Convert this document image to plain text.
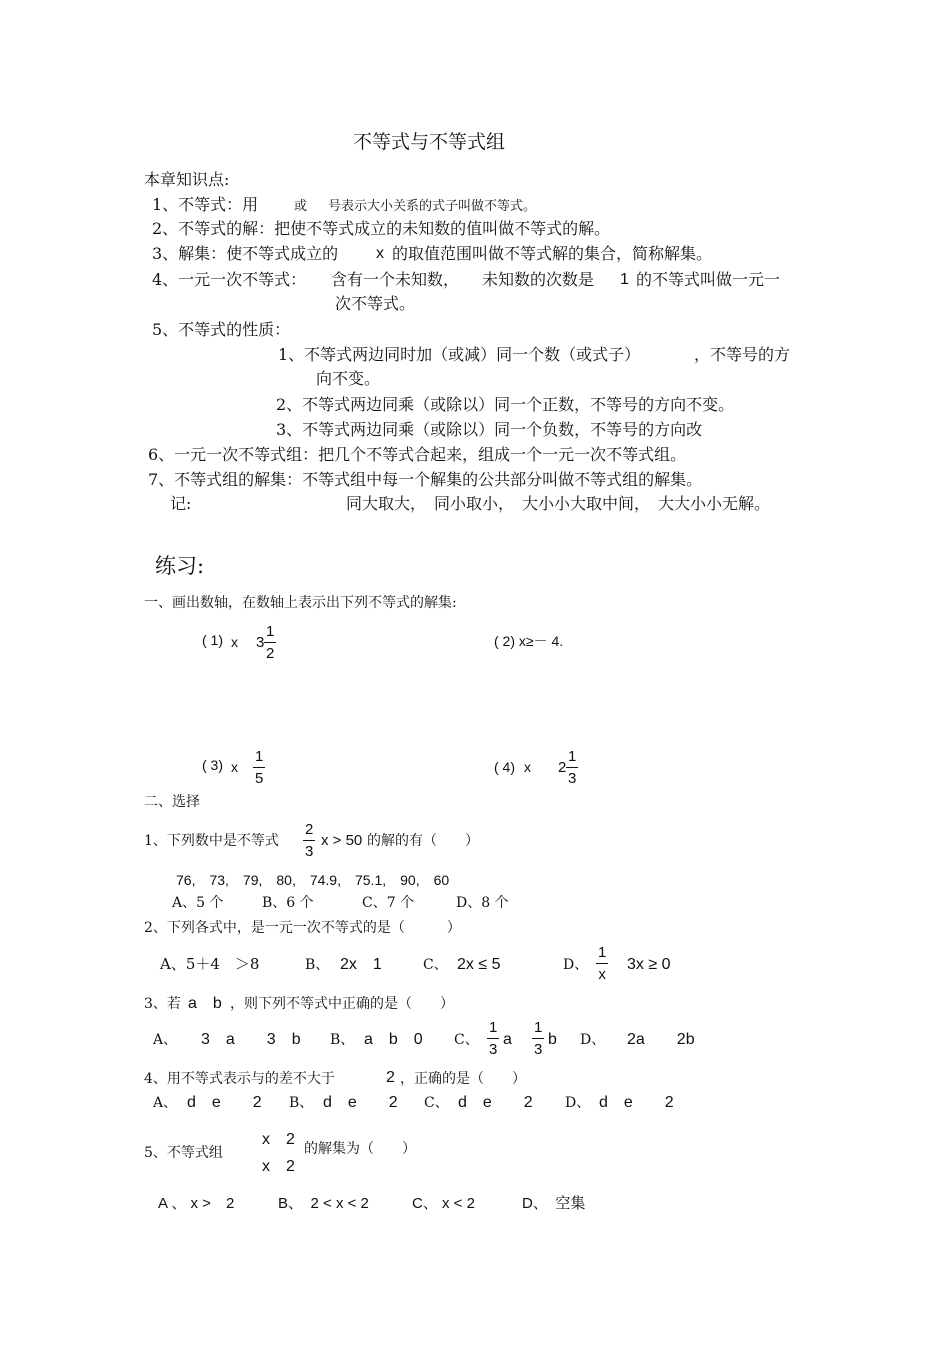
不等式与不等式组
本章知识点:
1、不等式：用	或 号表示大小关系的式子叫做不等式。
2、不等式的解：把使不等式成立的未知数的值叫做不等式的解。
3、解集：使不等式成立的 x 的取值范围叫做不等式解的集合，简称解集。
4、一元一次不等式： 含有一个未知数， 未知数的次数是 1 的不等式叫做一元一
次不等式。
5、不等式的性质：
1、不等式两边同时加（或减）同一个数（或式子）	，不等号的方
向不变。
2、不等式两边同乘（或除以）同一个正数，不等号的方向不变。
3、不等式两边同乘（或除以）同一个负数，不等号的方向改
6、一元一次不等式组：把几个不等式合起来，组成一个一元一次不等式组。
7、不等式组的解集：不等式组中每一个解集的公共部分叫做不等式组的解集。
记:	同大取大，　同小取小，　大小小大取中间，　大大小小无解。
练习:
一、画出数轴，在数轴上表示出下列不等式的解集:
( 1) x $3 \frac{1}{2}$	( 2) x≥－ 4.
( 3) x $\frac{1}{5}$	( 4) x $2 \frac{1}{3}$
二、选择
1、下列数中是不等式 $\frac{2}{3}$ x > 50 的解的有（　　）
76,　73,　79,　80,　74.9,　75.1,　90,　60
A、5 个	B、6 个	C、7 个	D、8 个
2、下列各式中，是一元一次不等式的是（　　　）
A、5＋4　＞8	B、 2x　1	C、 2x ≤ 5	D、 $\frac{1}{x} 3x \ge 0$
3、若 a　b ，则下列不等式中正确的是（　　）
A、 3　a　　3　b B、 a　b　0 C、 $\frac{1}{3}$ a $\frac{1}{3}$ b D、 2a　　2b
4、用不等式表示与的差不大于	2 ，正确的是（　　）
A、 d　e　　2 B、 d　e　　2 C、 d　e　　2 D、 d　e　　2
5、不等式组
x　2
x　2
的解集为（　　）
A 、 x >　2	B、　2 < x < 2	C、 x < 2	D、　空集
